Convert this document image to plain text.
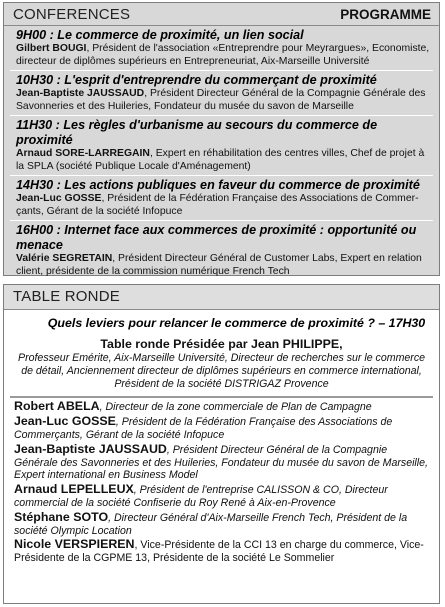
CONFERENCES	PROGRAMME
9H00 : Le commerce de proximité, un lien social
Gilbert BOUGI, Président de l'association «Entreprendre pour Meyrargues», Economiste, directeur de diplômes supérieurs en Entrepreneuriat, Aix-Marseille Université
10H30 : L'esprit d'entreprendre du commerçant de proximité
Jean-Baptiste JAUSSAUD, Président Directeur Général de la Compagnie Générale des Savonneries et des Huileries, Fondateur du musée du savon de Marseille
11H30 : Les règles d'urbanisme au secours du commerce de proximité
Arnaud SORE-LARREGAIN, Expert en réhabilitation des centres villes, Chef de projet à la SPLA (société Publique Locale d'Aménagement)
14H30 : Les actions publiques en faveur du commerce de proximité
Jean-Luc GOSSE, Président de la Fédération Française des Associations de Commer-çants, Gérant de la société Infopuce
16H00 : Internet face aux commerces de proximité : opportunité ou menace
Valérie SEGRETAIN, Président Directeur Général de Customer Labs, Expert en relation client, présidente de la commission numérique French Tech
TABLE RONDE
Quels leviers pour relancer le commerce de proximité ? – 17H30
Table ronde Présidée par Jean PHILIPPE,
Professeur Emérite, Aix-Marseille Université, Directeur de recherches sur le commerce de détail, Anciennement directeur de diplômes supérieurs en commerce international, Président de la société DISTRIGAZ Provence
Robert ABELA, Directeur de la zone commerciale de Plan de Campagne
Jean-Luc GOSSE, Président de la Fédération Française des Associations de Commerçants, Gérant de la société Infopuce
Jean-Baptiste JAUSSAUD, Président Directeur Général de la Compagnie Générale des Savonneries et des Huileries, Fondateur du musée du savon de Marseille, Expert international en Business Model
Arnaud LEPELLEUX, Président de l'entreprise CALISSON & CO, Directeur commercial de la société Confiserie du Roy René à Aix-en-Provence
Stéphane SOTO, Directeur Général d'Aix-Marseille French Tech, Président de la société Olympic Location
Nicole VERSPIEREN, Vice-Présidente de la CCI 13 en charge du commerce, Vice-Présidente de la CGPME 13, Présidente de la société Le Sommelier
